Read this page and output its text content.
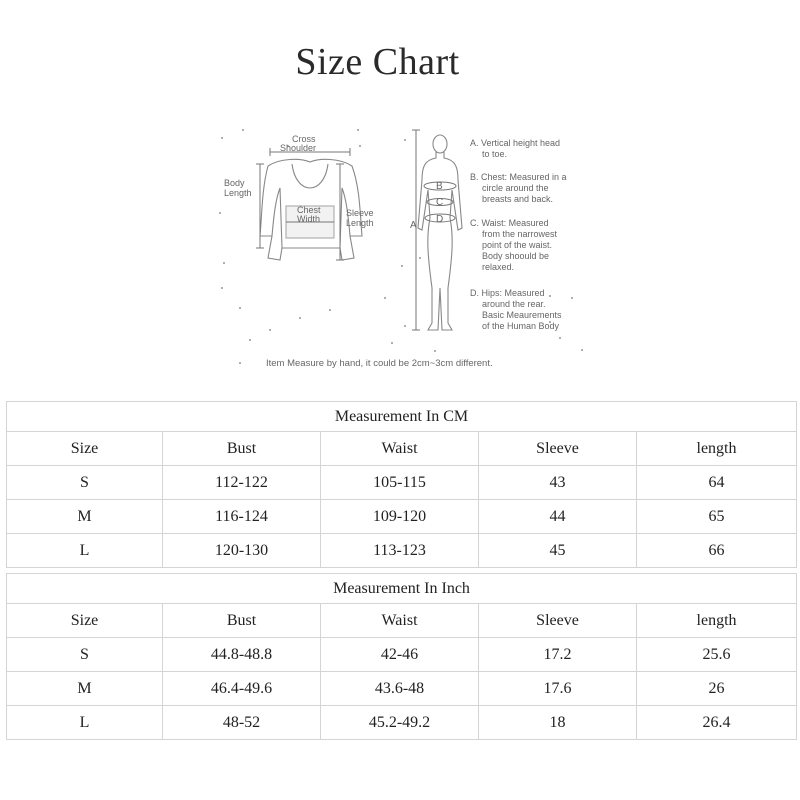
Size Chart
Cross
Shoulder
Body
Length
Chest
Width
Sleeve
Length	A
B
C
D
A. Vertical height head
to toe.
B. Chest: Measured in a
circle around the
breasts and back.
C. Waist: Measured
from the narrowest
point of the waist.
Body shoould be
relaxed.
D. Hips: Measured
around the rear.
Basic Meaurements
of the Human Body
Item Measure by hand, it could be 2cm~3cm different.
Measurement In CM				
Size	Bust	Waist	Sleeve	length
S	112-122	105-115	43	64
M	116-124	109-120	44	65
L	120-130	113-123	45	66
Measurement In Inch				
Size	Bust	Waist	Sleeve	length
S	44.8-48.8	42-46	17.2	25.6
M	46.4-49.6	43.6-48	17.6	26
L	48-52	45.2-49.2	18	26.4
